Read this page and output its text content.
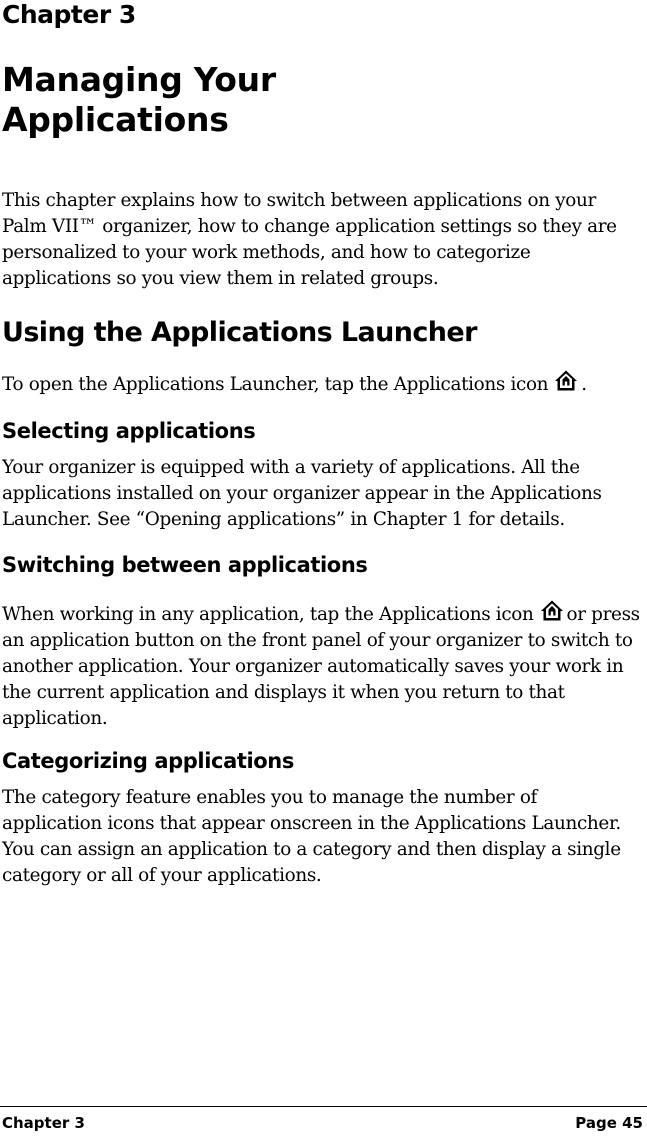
Chapter 3

Managing Your
Applications

This chapter explains how to switch between applications on your Palm VII™ organizer, how to change application settings so they are personalized to your work methods, and how to categorize applications so you view them in related groups.

Using the Applications Launcher

To open the Applications Launcher, tap the Applications icon .

Selecting applications

Your organizer is equipped with a variety of applications. All the applications installed on your organizer appear in the Applications Launcher. See “Opening applications” in Chapter 1 for details.

Switching between applications

When working in any application, tap the Applications icon or press an application button on the front panel of your organizer to switch to another application. Your organizer automatically saves your work in the current application and displays it when you return to that application.

Categorizing applications

The category feature enables you to manage the number of application icons that appear onscreen in the Applications Launcher. You can assign an application to a category and then display a single category or all of your applications.

Chapter 3	Page 45
